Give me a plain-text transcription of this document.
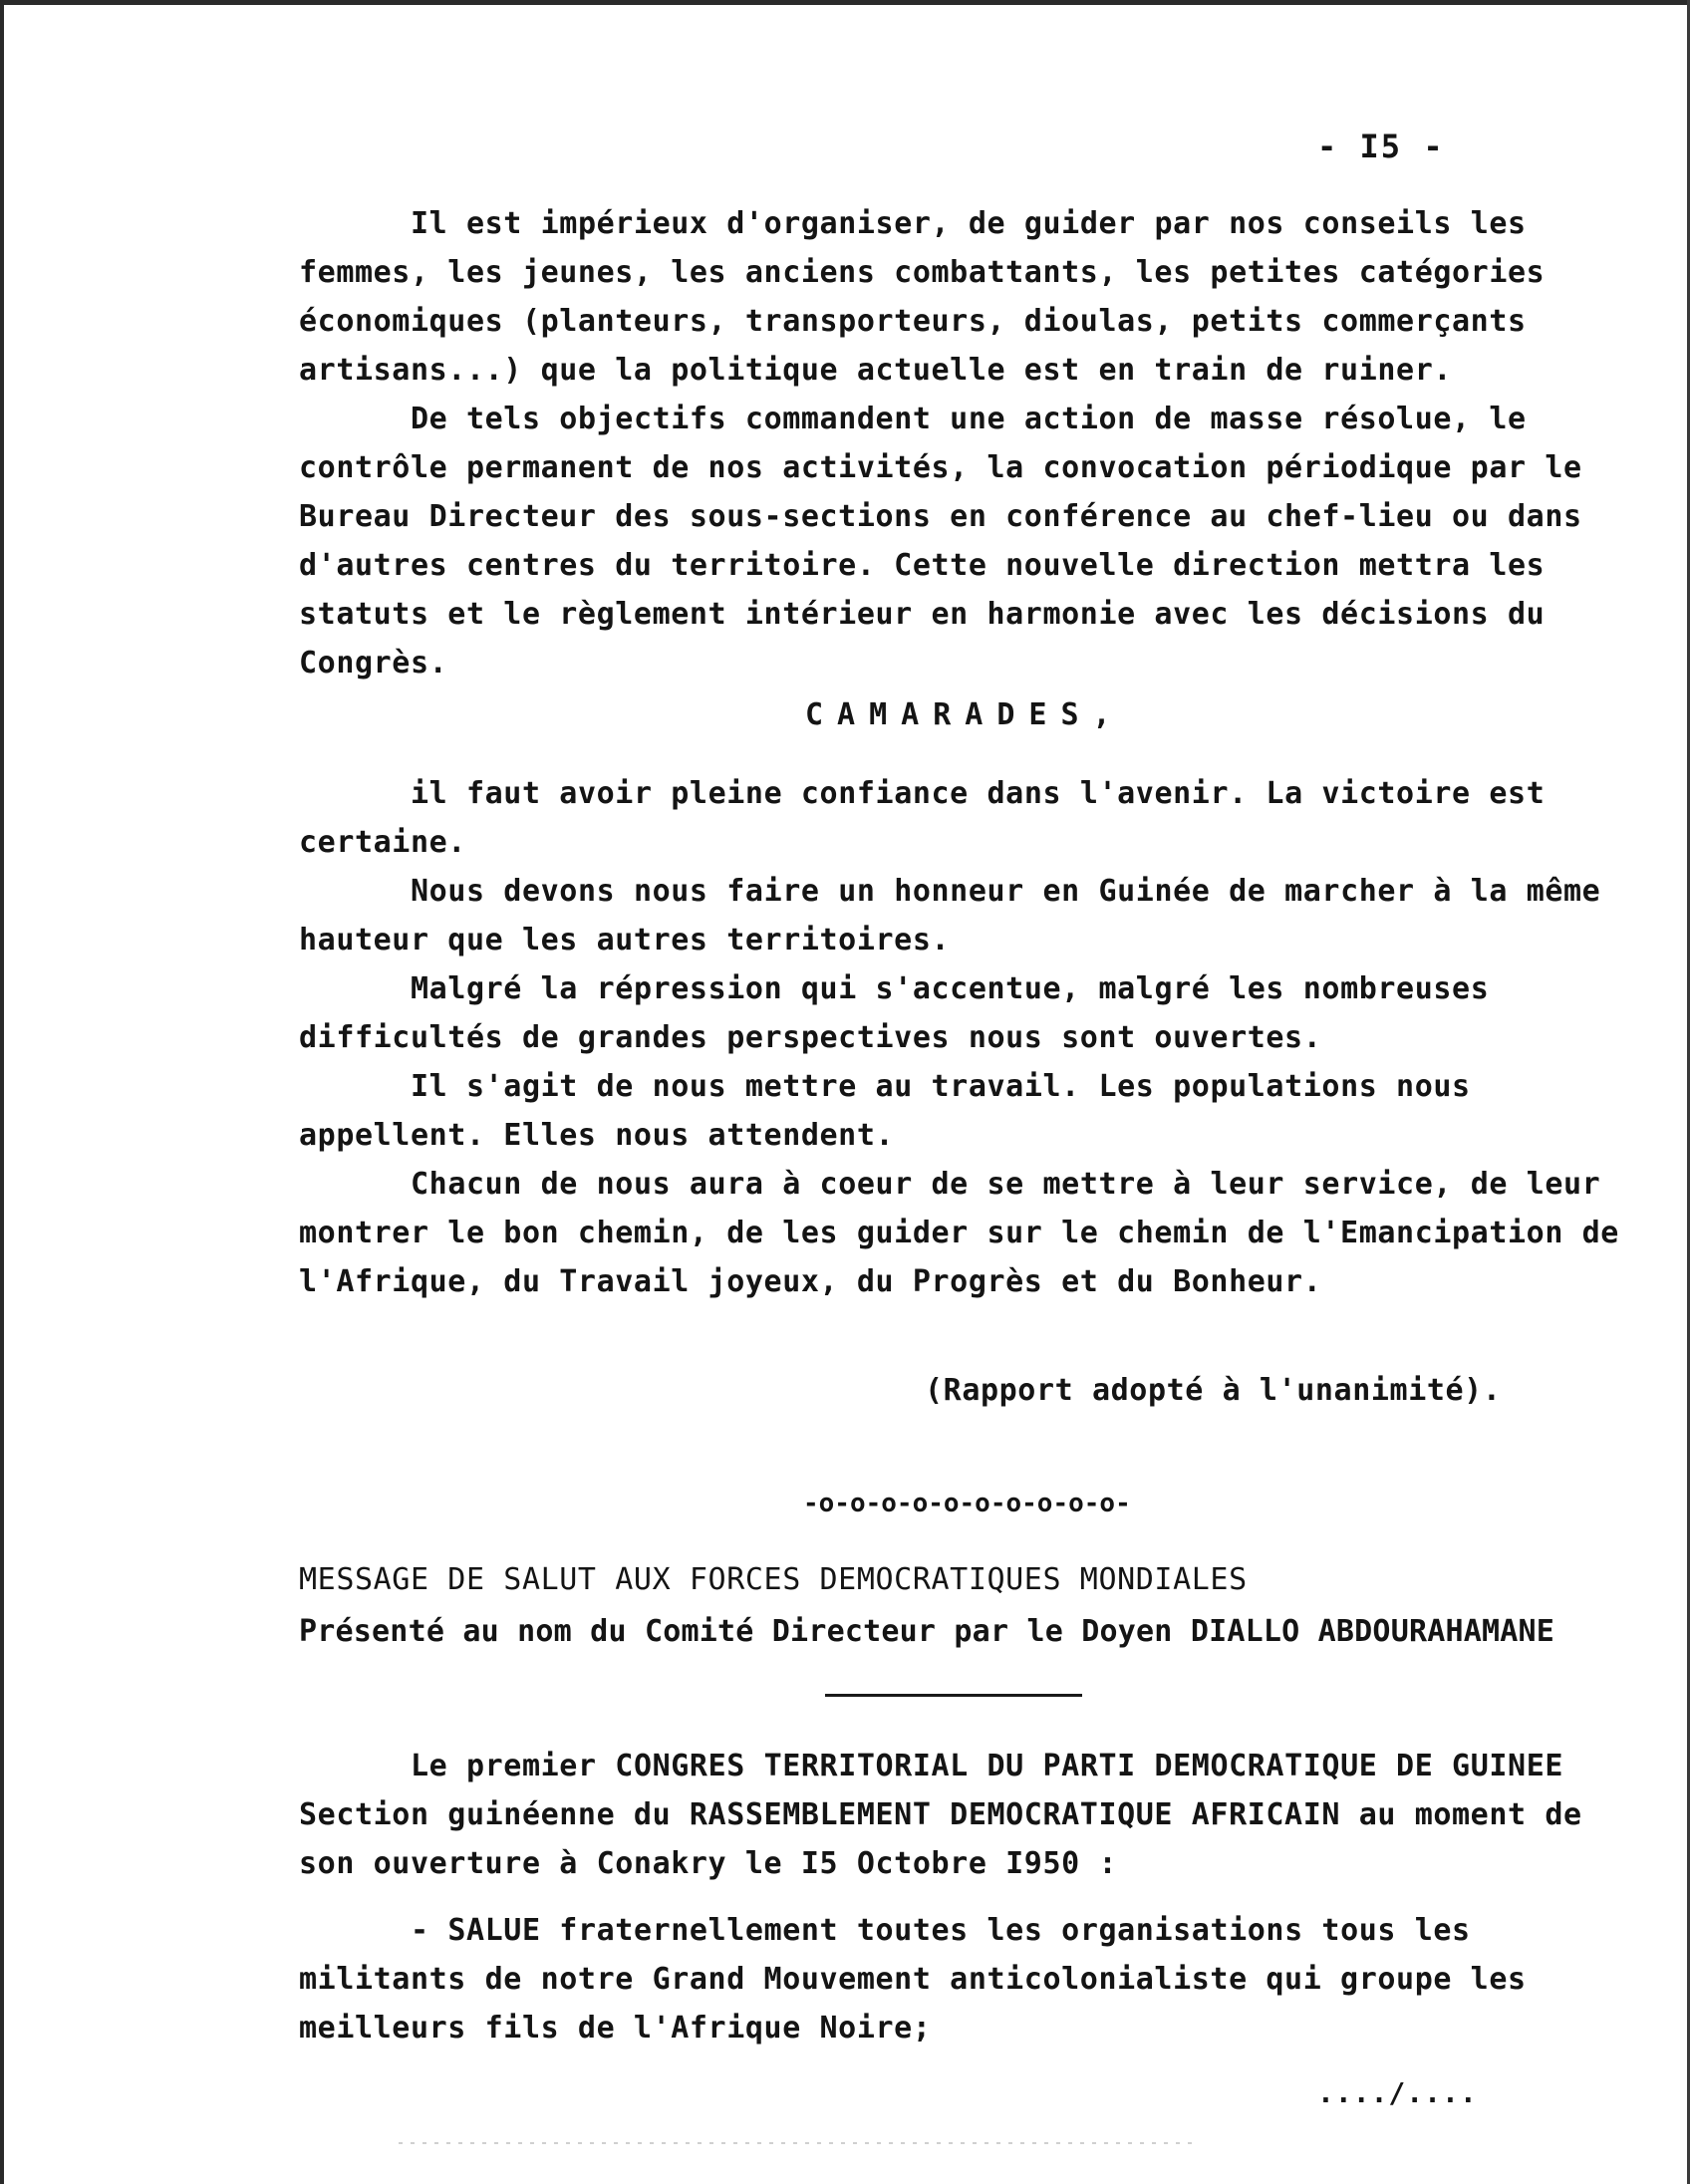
- I5 -

Il est impérieux d'organiser, de guider par nos conseils les femmes, les jeunes, les anciens combattants, les petites catégories économiques (planteurs, transporteurs, dioulas, petits commerçants artisans...) que la politique actuelle est en train de ruiner.

De tels objectifs commandent une action de masse résolue, le contrôle permanent de nos activités, la convocation périodique par le Bureau Directeur des sous-sections en conférence au chef-lieu ou dans d'autres centres du territoire. Cette nouvelle direction mettra les statuts et le règlement intérieur en harmonie avec les décisions du Congrès.

CAMARADES,

il faut avoir pleine confiance dans l'avenir. La victoire est certaine.

Nous devons nous faire un honneur en Guinée de marcher à la même hauteur que les autres territoires.

Malgré la répression qui s'accentue, malgré les nombreuses difficultés de grandes perspectives nous sont ouvertes.

Il s'agit de nous mettre au travail. Les populations nous appellent. Elles nous attendent.

Chacun de nous aura à coeur de se mettre à leur service, de leur montrer le bon chemin, de les guider sur le chemin de l'Emancipation de l'Afrique, du Travail joyeux, du Progrès et du Bonheur.

(Rapport adopté à l'unanimité).
-o-o-o-o-o-o-o-o-o-o-
MESSAGE DE SALUT AUX FORCES DEMOCRATIQUES MONDIALES
Présenté au nom du Comité Directeur par le Doyen DIALLO ABDOURAHAMANE

Le premier CONGRES TERRITORIAL DU PARTI DEMOCRATIQUE DE GUINEE Section guinéenne du RASSEMBLEMENT DEMOCRATIQUE AFRICAIN au moment de son ouverture à Conakry le I5 Octobre I950 :

- SALUE fraternellement toutes les organisations tous les militants de notre Grand Mouvement anticolonialiste qui groupe les meilleurs fils de l'Afrique Noire;

..../....
